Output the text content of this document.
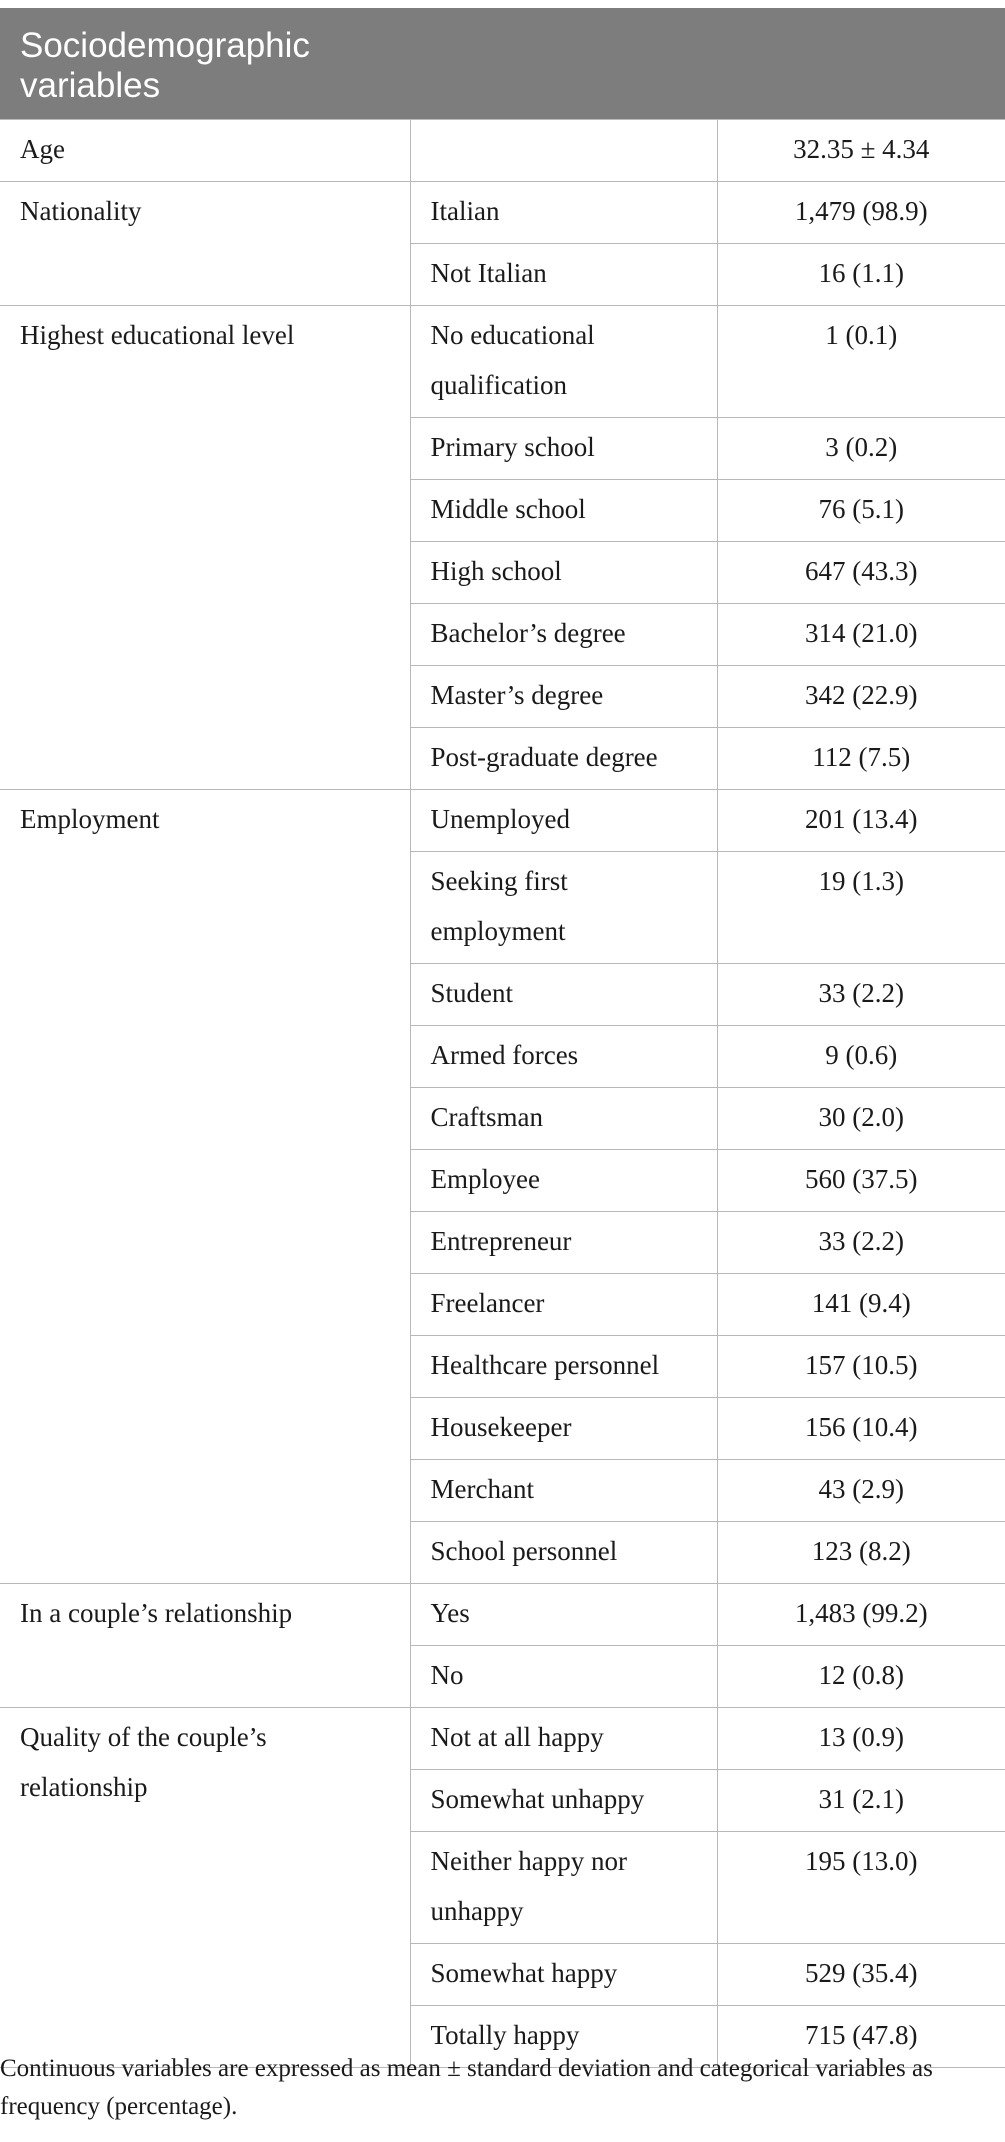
Sociodemographic variables		
Age		32.35 ± 4.34
Nationality	Italian	1,479 (98.9)
	Not Italian	16 (1.1)
Highest educational level	No educational qualification	1 (0.1)
	Primary school	3 (0.2)
	Middle school	76 (5.1)
	High school	647 (43.3)
	Bachelor’s degree	314 (21.0)
	Master’s degree	342 (22.9)
	Post-graduate degree	112 (7.5)
Employment	Unemployed	201 (13.4)
	Seeking first employment	19 (1.3)
	Student	33 (2.2)
	Armed forces	9 (0.6)
	Craftsman	30 (2.0)
	Employee	560 (37.5)
	Entrepreneur	33 (2.2)
	Freelancer	141 (9.4)
	Healthcare personnel	157 (10.5)
	Housekeeper	156 (10.4)
	Merchant	43 (2.9)
	School personnel	123 (8.2)
In a couple’s relationship	Yes	1,483 (99.2)
	No	12 (0.8)
Quality of the couple’s relationship	Not at all happy	13 (0.9)
	Somewhat unhappy	31 (2.1)
	Neither happy nor unhappy	195 (13.0)
	Somewhat happy	529 (35.4)
	Totally happy	715 (47.8)
Continuous variables are expressed as mean ± standard deviation and categorical variables as frequency (percentage).
